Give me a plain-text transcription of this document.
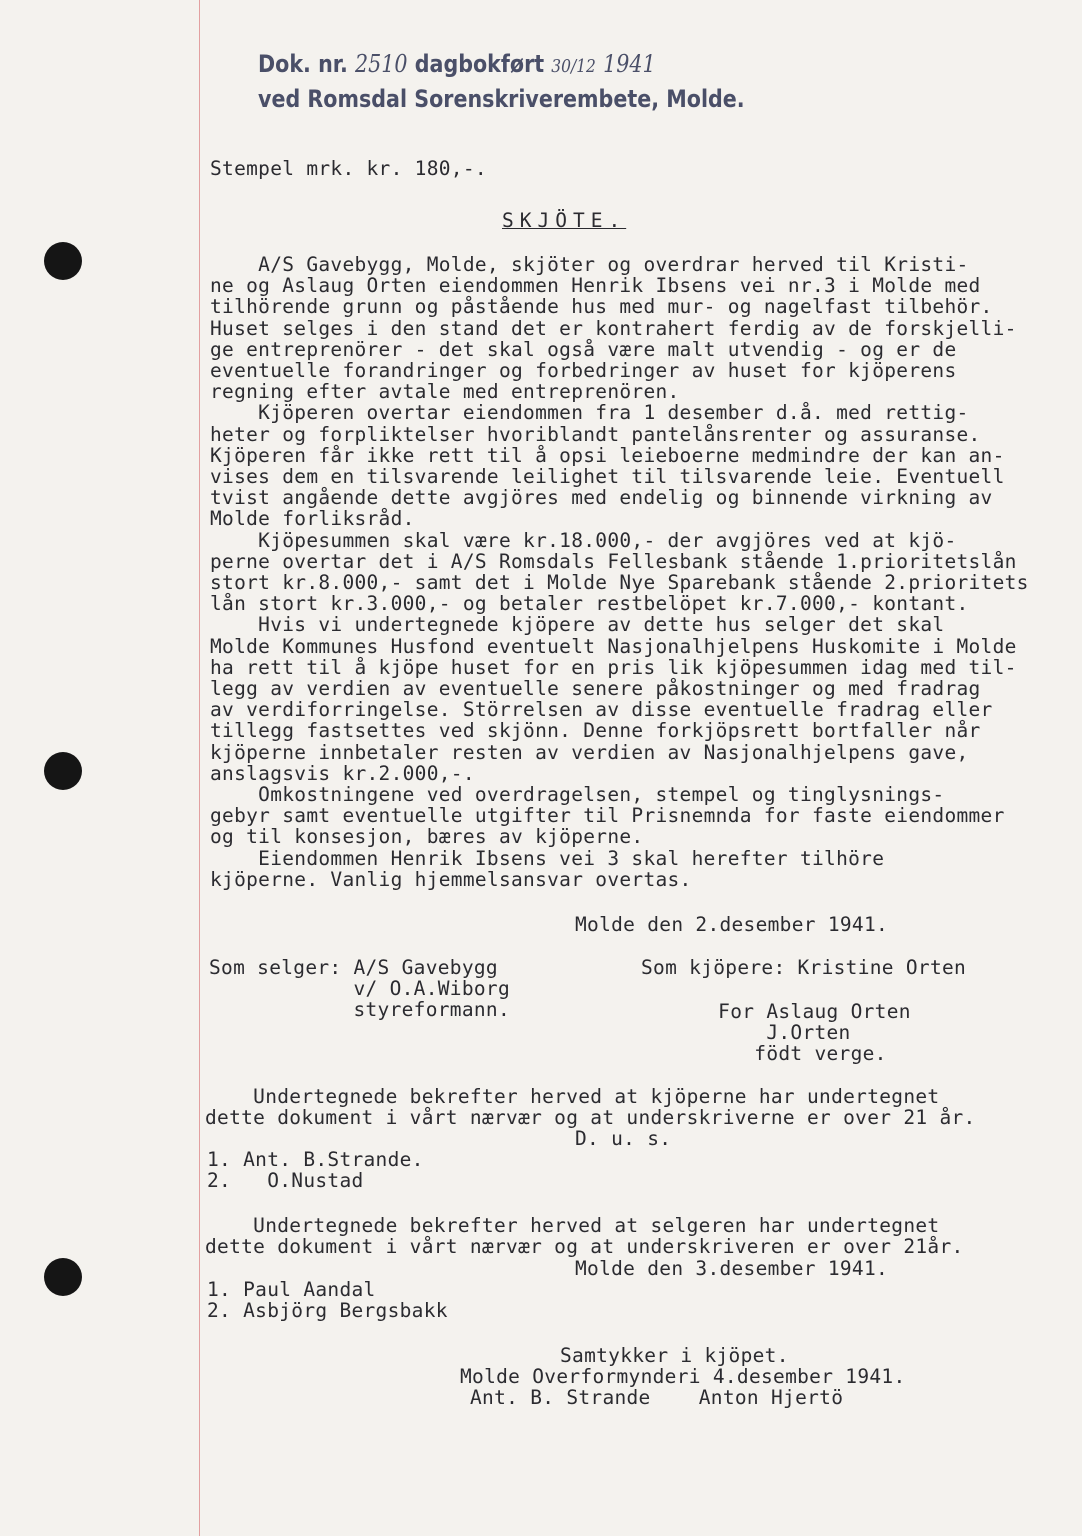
Dok. nr. 2510 dagbokført 30/12 1941
ved Romsdal Sorenskriverembete, Molde.
Stempel mrk. kr. 180,-.
SKJÖTE.
A/S Gavebygg, Molde, skjöter og overdrar herved til Kristi-
ne og Aslaug Orten eiendommen Henrik Ibsens vei nr.3 i Molde med
tilhörende grunn og påstående hus med mur- og nagelfast tilbehör.
Huset selges i den stand det er kontrahert ferdig av de forskjelli-
ge entreprenörer - det skal også være malt utvendig - og er de
eventuelle forandringer og forbedringer av huset for kjöperens
regning efter avtale med entreprenören.
Kjöperen overtar eiendommen fra 1 desember d.å. med rettig-
heter og forpliktelser hvoriblandt pantelånsrenter og assuranse.
Kjöperen får ikke rett til å opsi leieboerne medmindre der kan an-
vises dem en tilsvarende leilighet til tilsvarende leie. Eventuell
tvist angående dette avgjöres med endelig og binnende virkning av
Molde forliksråd.
Kjöpesummen skal være kr.18.000,- der avgjöres ved at kjö-
perne overtar det i A/S Romsdals Fellesbank stående 1.prioritetslån
stort kr.8.000,- samt det i Molde Nye Sparebank stående 2.prioritets
lån stort kr.3.000,- og betaler restbelöpet kr.7.000,- kontant.
Hvis vi undertegnede kjöpere av dette hus selger det skal
Molde Kommunes Husfond eventuelt Nasjonalhjelpens Huskomite i Molde
ha rett til å kjöpe huset for en pris lik kjöpesummen idag med til-
legg av verdien av eventuelle senere påkostninger og med fradrag
av verdiforringelse. Störrelsen av disse eventuelle fradrag eller
tillegg fastsettes ved skjönn. Denne forkjöpsrett bortfaller når
kjöperne innbetaler resten av verdien av Nasjonalhjelpens gave,
anslagsvis kr.2.000,-.
Omkostningene ved overdragelsen, stempel og tinglysnings-
gebyr samt eventuelle utgifter til Prisnemnda for faste eiendommer
og til konsesjon, bæres av kjöperne.
Eiendommen Henrik Ibsens vei 3 skal herefter tilhöre
kjöperne. Vanlig hjemmelsansvar overtas.
Molde den 2.desember 1941.
Som selger: A/S Gavebygg
v/ O.A.Wiborg
styreformann.
Som kjöpere: Kristine Orten
For Aslaug Orten
J.Orten
födt verge.
Undertegnede bekrefter herved at kjöperne har undertegnet
dette dokument i vårt nærvær og at underskriverne er over 21 år.
D. u. s.
1. Ant. B.Strande.
2.   O.Nustad
Undertegnede bekrefter herved at selgeren har undertegnet
dette dokument i vårt nærvær og at underskriveren er over 21år.
Molde den 3.desember 1941.
1. Paul Aandal
2. Asbjörg Bergsbakk
Samtykker i kjöpet.
Molde Overformynderi 4.desember 1941.
Ant. B. Strande    Anton Hjertö
